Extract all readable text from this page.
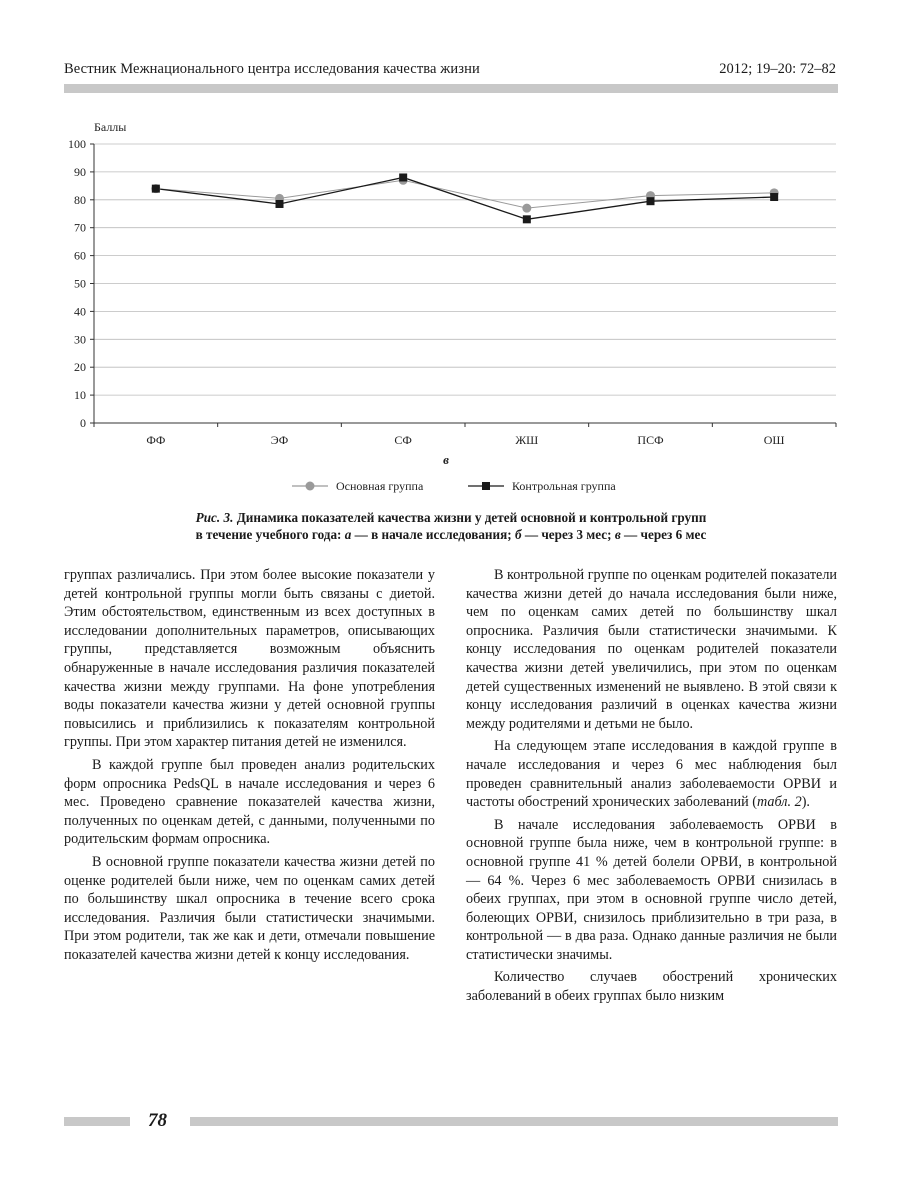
Вестник Межнационального центра исследования качества жизни	2012; 19–20: 72–82
Баллы
0
10
20
30
40
50
60
70
80
90
100
ФФ	ЭФ	СФ	ЖШ	ПСФ	ОШ
в
Основная группа	Контрольная группа
Рис. 3. Динамика показателей качества жизни у детей основной и контрольной групп
в течение учебного года: а — в начале исследования; б — через 3 мес; в — через 6 мес

группах различались. При этом более высокие показатели у детей контрольной группы могли быть связаны с диетой. Этим обстоятельством, единственным из всех доступных в исследовании дополнительных параметров, описывающих группы, представляется возможным объяснить обнаруженные в начале исследования различия показателей качества жизни между группами. На фоне употребления воды показатели качества жизни у детей основной группы повысились и приблизились к показателям контрольной группы. При этом характер питания детей не изменился.

В каждой группе был проведен анализ родительских форм опросника PedsQL в начале исследования и через 6 мес. Проведено сравнение показателей качества жизни, полученных по оценкам детей, с данными, полученными по родительским формам опросника.

В основной группе показатели качества жизни детей по оценке родителей были ниже, чем по оценкам самих детей по большинству шкал опросника в течение всего срока исследования. Различия были статистически значимыми. При этом родители, так же как и дети, отмечали повышение показателей качества жизни детей к концу исследования.

В контрольной группе по оценкам родителей показатели качества жизни детей до начала исследования были ниже, чем по оценкам самих детей по большинству шкал опросника. Различия были статистически значимыми. К концу исследования по оценкам родителей показатели качества жизни детей увеличились, при этом по оценкам детей существенных изменений не выявлено. В этой связи к концу исследования различий в оценках качества жизни между родителями и детьми не было.

На следующем этапе исследования в каждой группе в начале исследования и через 6 мес наблюдения был проведен сравнительный анализ заболеваемости ОРВИ и частоты обострений хронических заболеваний (табл. 2).

В начале исследования заболеваемость ОРВИ в основной группе была ниже, чем в контрольной группе: в основной группе 41 % детей болели ОРВИ, в контрольной — 64 %. Через 6 мес заболеваемость ОРВИ снизилась в обеих группах, при этом в основной группе число детей, болеющих ОРВИ, снизилось приблизительно в три раза, в контрольной — в два раза. Однако данные различия не были статистически значимы.

Количество случаев обострений хронических заболеваний в обеих группах было низким

78
